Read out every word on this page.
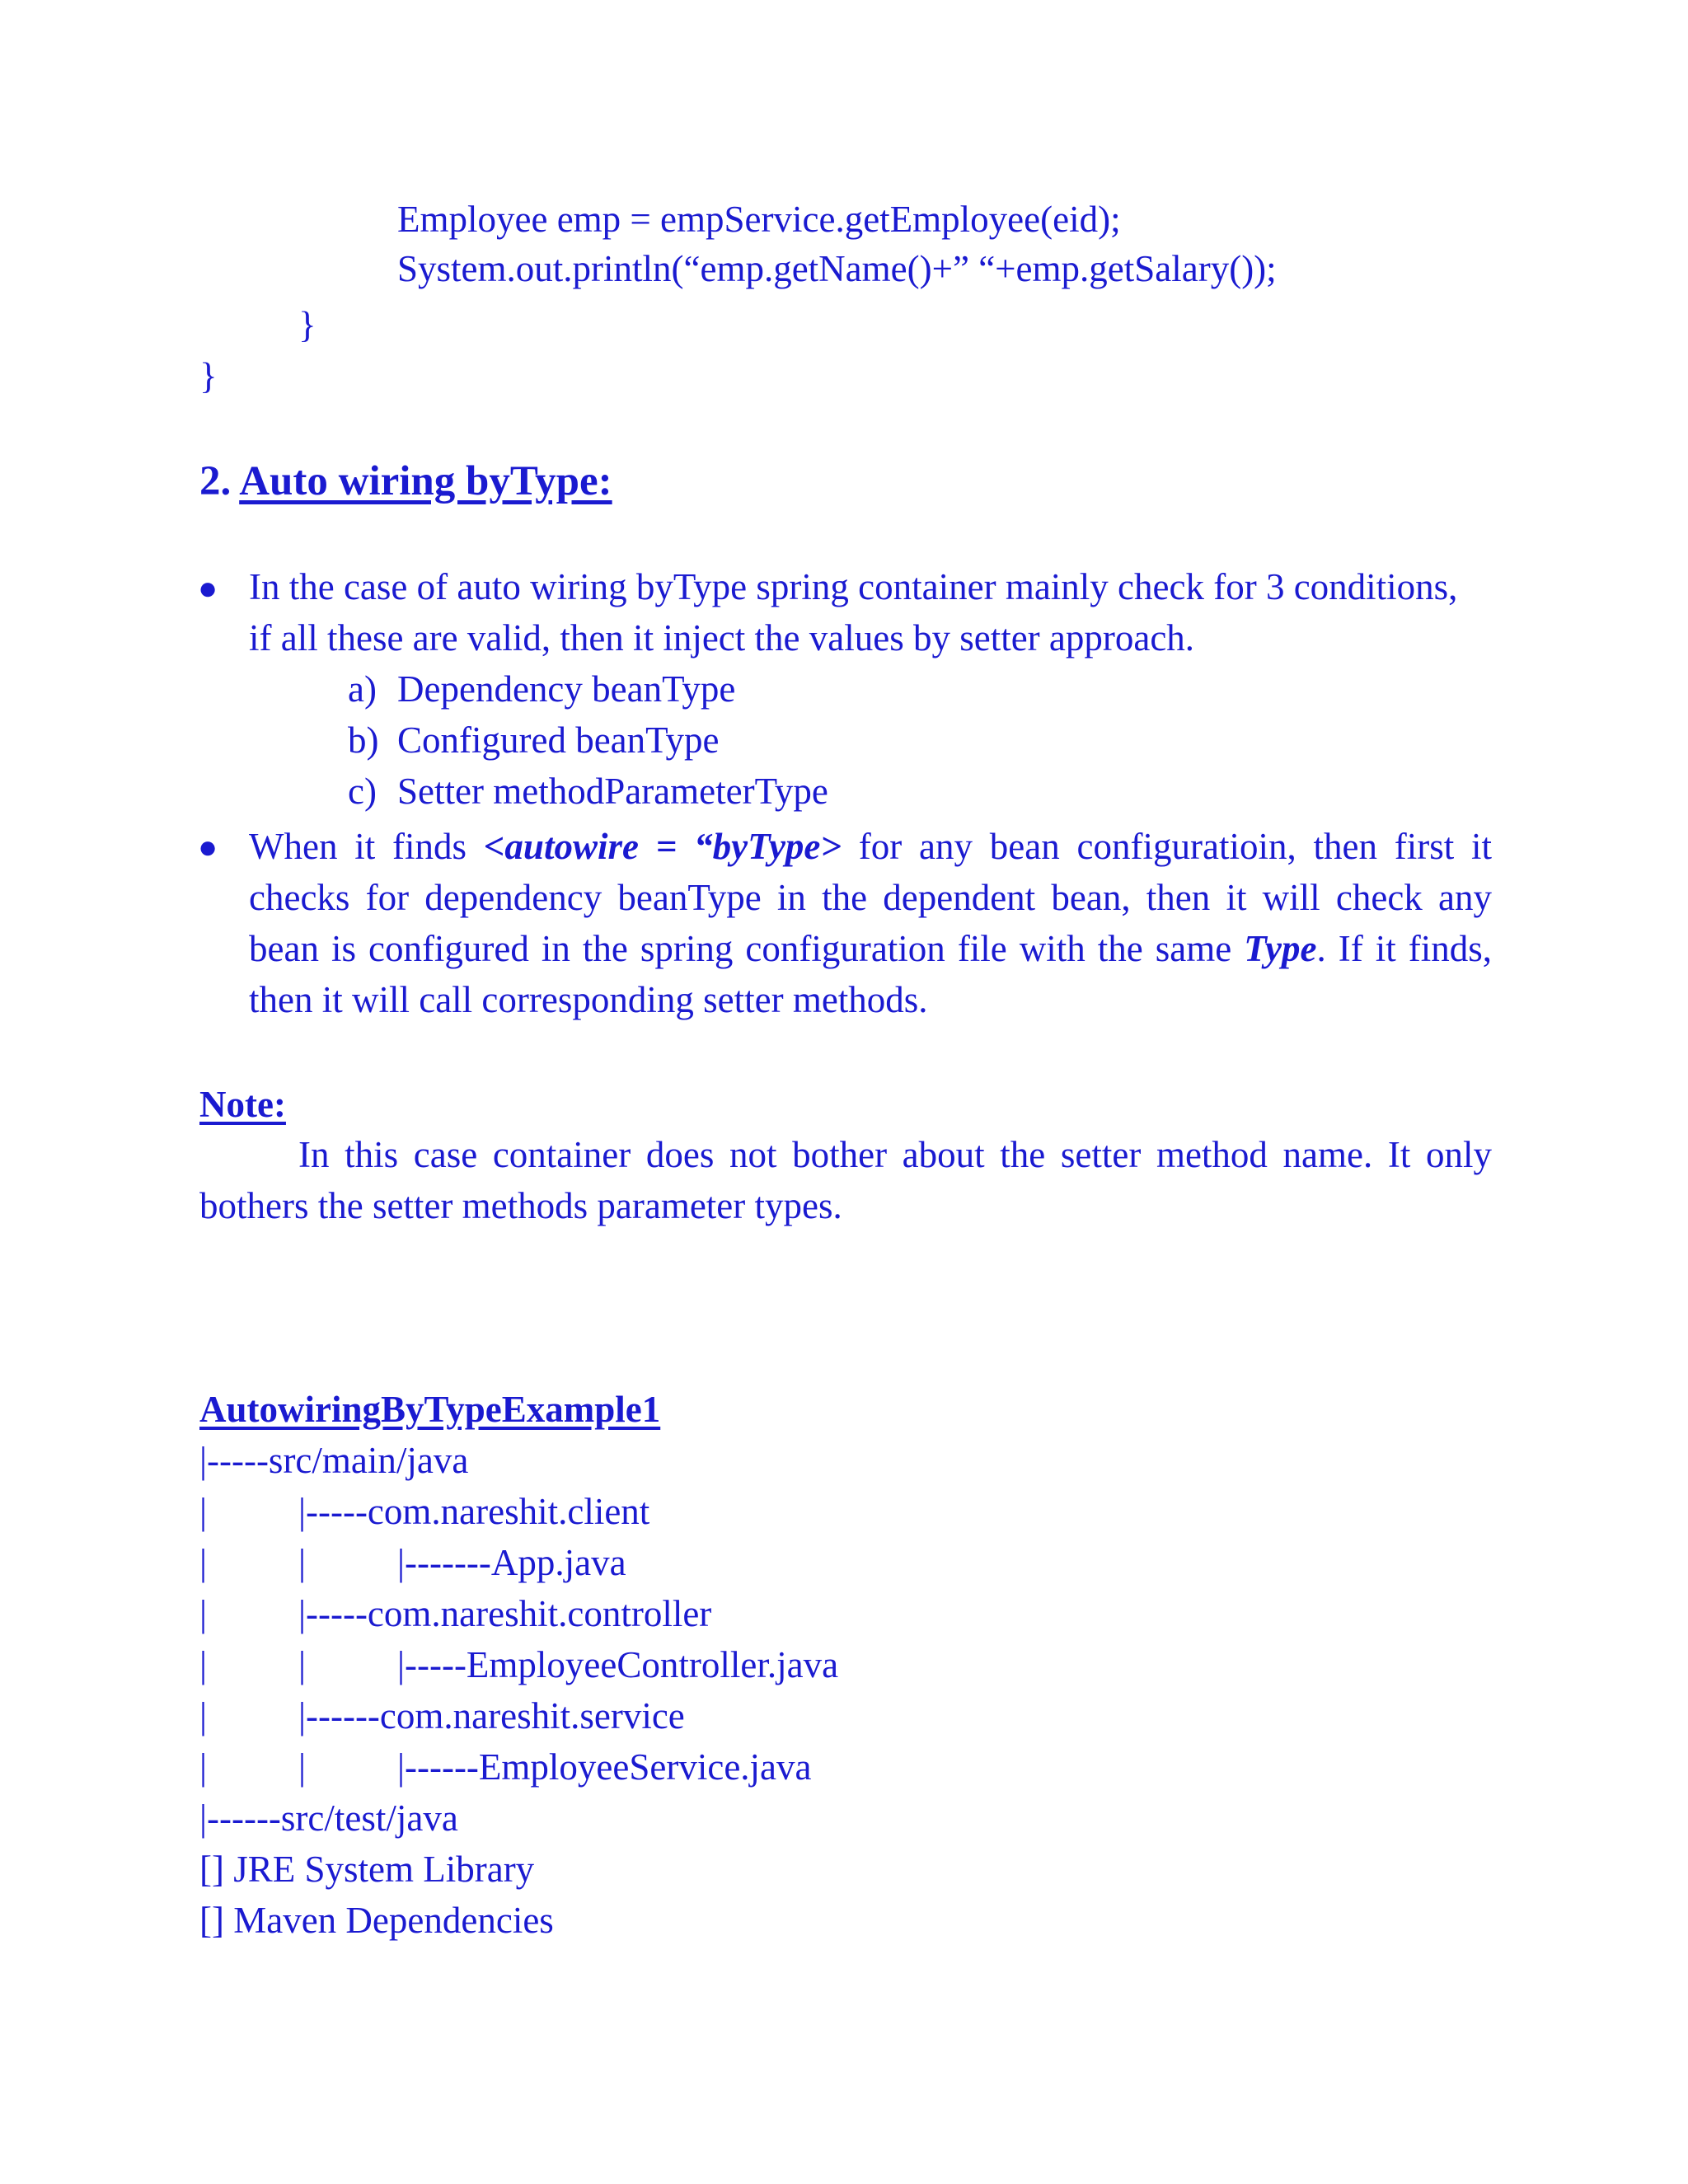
Employee emp = empService.getEmployee(eid);
System.out.println(“emp.getName()+” “+emp.getSalary());
}
}
2. Auto wiring byType:
● In the case of auto wiring byType spring container mainly check for 3 conditions,
if all these are valid, then it inject the values by setter approach.
a) Dependency beanType
b) Configured beanType
c) Setter methodParameterType
● When it finds <autowire = “byType> for any bean configuratioin, then first it
checks for dependency beanType in the dependent bean, then it will check any
bean is configured in the spring configuration file with the same Type. If it finds,
then it will call corresponding setter methods.
Note:
In this case container does not bother about the setter method name. It only
bothers the setter methods parameter types.
AutowiringByTypeExample1
|-----src/main/java
| |-----com.nareshit.client
| | |-------App.java
| |-----com.nareshit.controller
| | |-----EmployeeController.java
| |------com.nareshit.service
| | |------EmployeeService.java
|------src/test/java
[] JRE System Library
[] Maven Dependencies
